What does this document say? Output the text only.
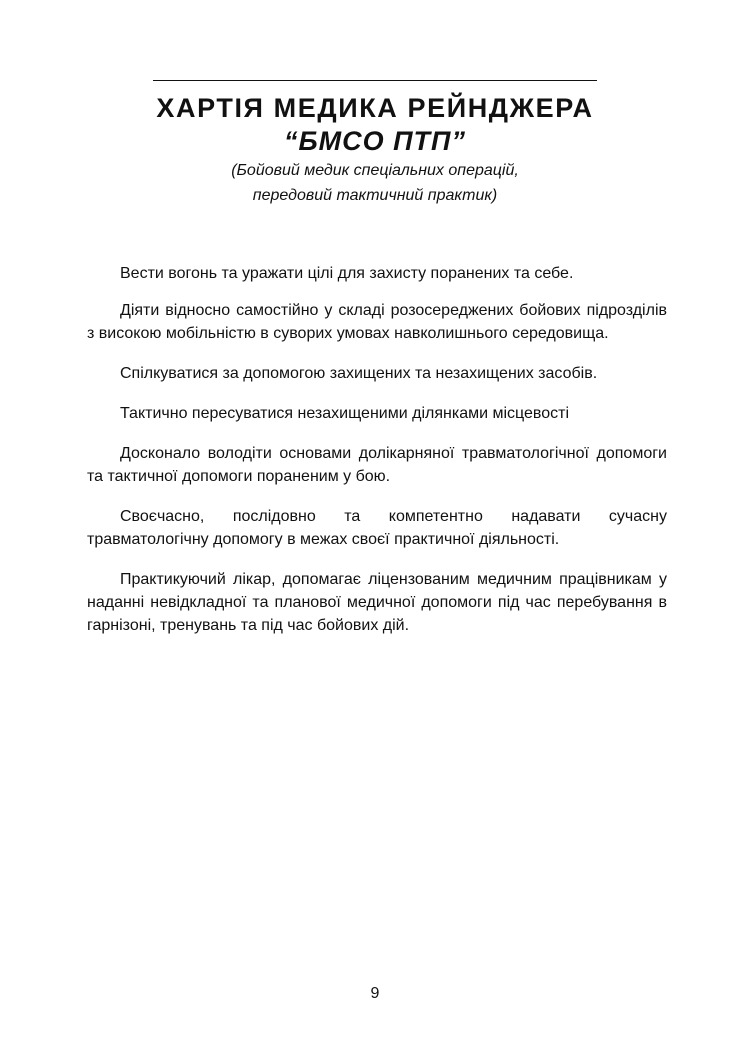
ХАРТІЯ МЕДИКА РЕЙНДЖЕРА
“БМСО ПТП”
(Бойовий медик спеціальних операцій,
передовий тактичний практик)

Вести вогонь та уражати цілі для захисту поранених та себе.

Діяти відносно самостійно у складі розосереджених бойових підрозділів з високою мобільністю в суворих умовах навколишнього середовища.

Спілкуватися за допомогою захищених та незахищених засобів.

Тактично пересуватися незахищеними ділянками місцевості

Досконало володіти основами долікарняної травматологічної допомоги та тактичної допомоги пораненим у бою.

Своєчасно, послідовно та компетентно надавати сучасну травматологічну допомогу в межах своєї практичної діяльності.

Практикуючий лікар, допомагає ліцензованим медичним працівникам у наданні невідкладної та планової медичної допомоги під час перебування в гарнізоні, тренувань та під час бойових дій.

9
